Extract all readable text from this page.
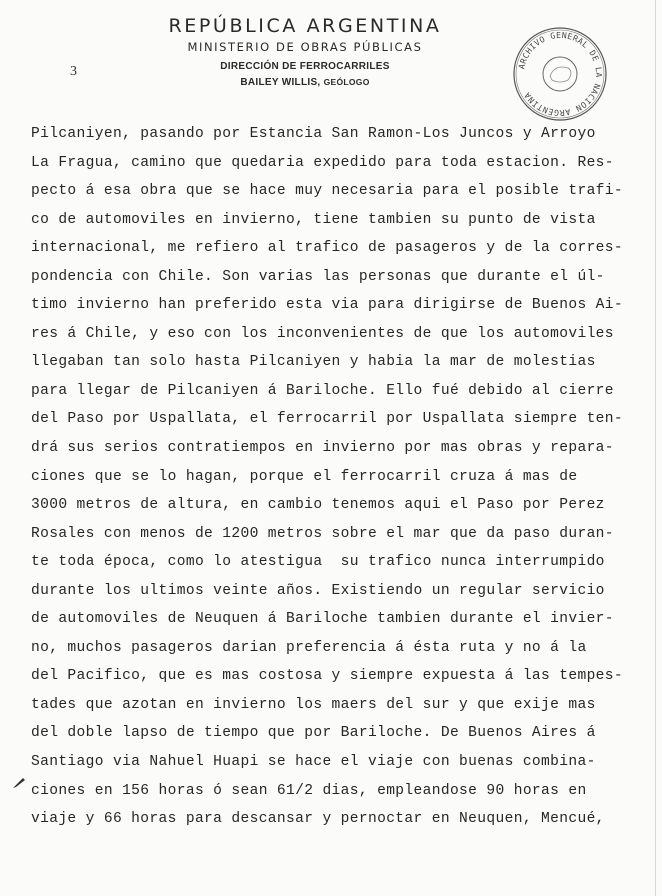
REPÚBLICA ARGENTINA
MINISTERIO DE OBRAS PÚBLICAS
DIRECCIÓN DE FERROCARRILES
BAILEY WILLIS, GEÓLOGO
3	ARCHIVO GENERAL DE LA NACION ARGENTINA
Pilcaniyen, pasando por Estancia San Ramon-Los Juncos y Arroyo
La Fragua, camino que quedaria expedido para toda estacion. Res-
pecto á esa obra que se hace muy necesaria para el posible trafi-
co de automoviles en invierno, tiene tambien su punto de vista
internacional, me refiero al trafico de pasageros y de la corres-
pondencia con Chile. Son varias las personas que durante el úl-
timo invierno han preferido esta via para dirigirse de Buenos Ai-
res á Chile, y eso con los inconvenientes de que los automoviles
llegaban tan solo hasta Pilcaniyen y habia la mar de molestias
para llegar de Pilcaniyen á Bariloche. Ello fué debido al cierre
del Paso por Uspallata, el ferrocarril por Uspallata siempre ten-
drá sus serios contratiempos en invierno por mas obras y repara-
ciones que se lo hagan, porque el ferrocarril cruza á mas de
3000 metros de altura, en cambio tenemos aqui el Paso por Perez
Rosales con menos de 1200 metros sobre el mar que da paso duran-
te toda época, como lo atestigua  su trafico nunca interrumpido
durante los ultimos veinte años. Existiendo un regular servicio
de automoviles de Neuquen á Bariloche tambien durante el invier-
no, muchos pasageros darian preferencia á ésta ruta y no á la
del Pacifico, que es mas costosa y siempre expuesta á las tempes-
tades que azotan en invierno los maers del sur y que exije mas
del doble lapso de tiempo que por Bariloche. De Buenos Aires á
Santiago via Nahuel Huapi se hace el viaje con buenas combina-
ciones en 156 horas ó sean 61/2 dias, empleandose 90 horas en
viaje y 66 horas para descansar y pernoctar en Neuquen, Mencué,
